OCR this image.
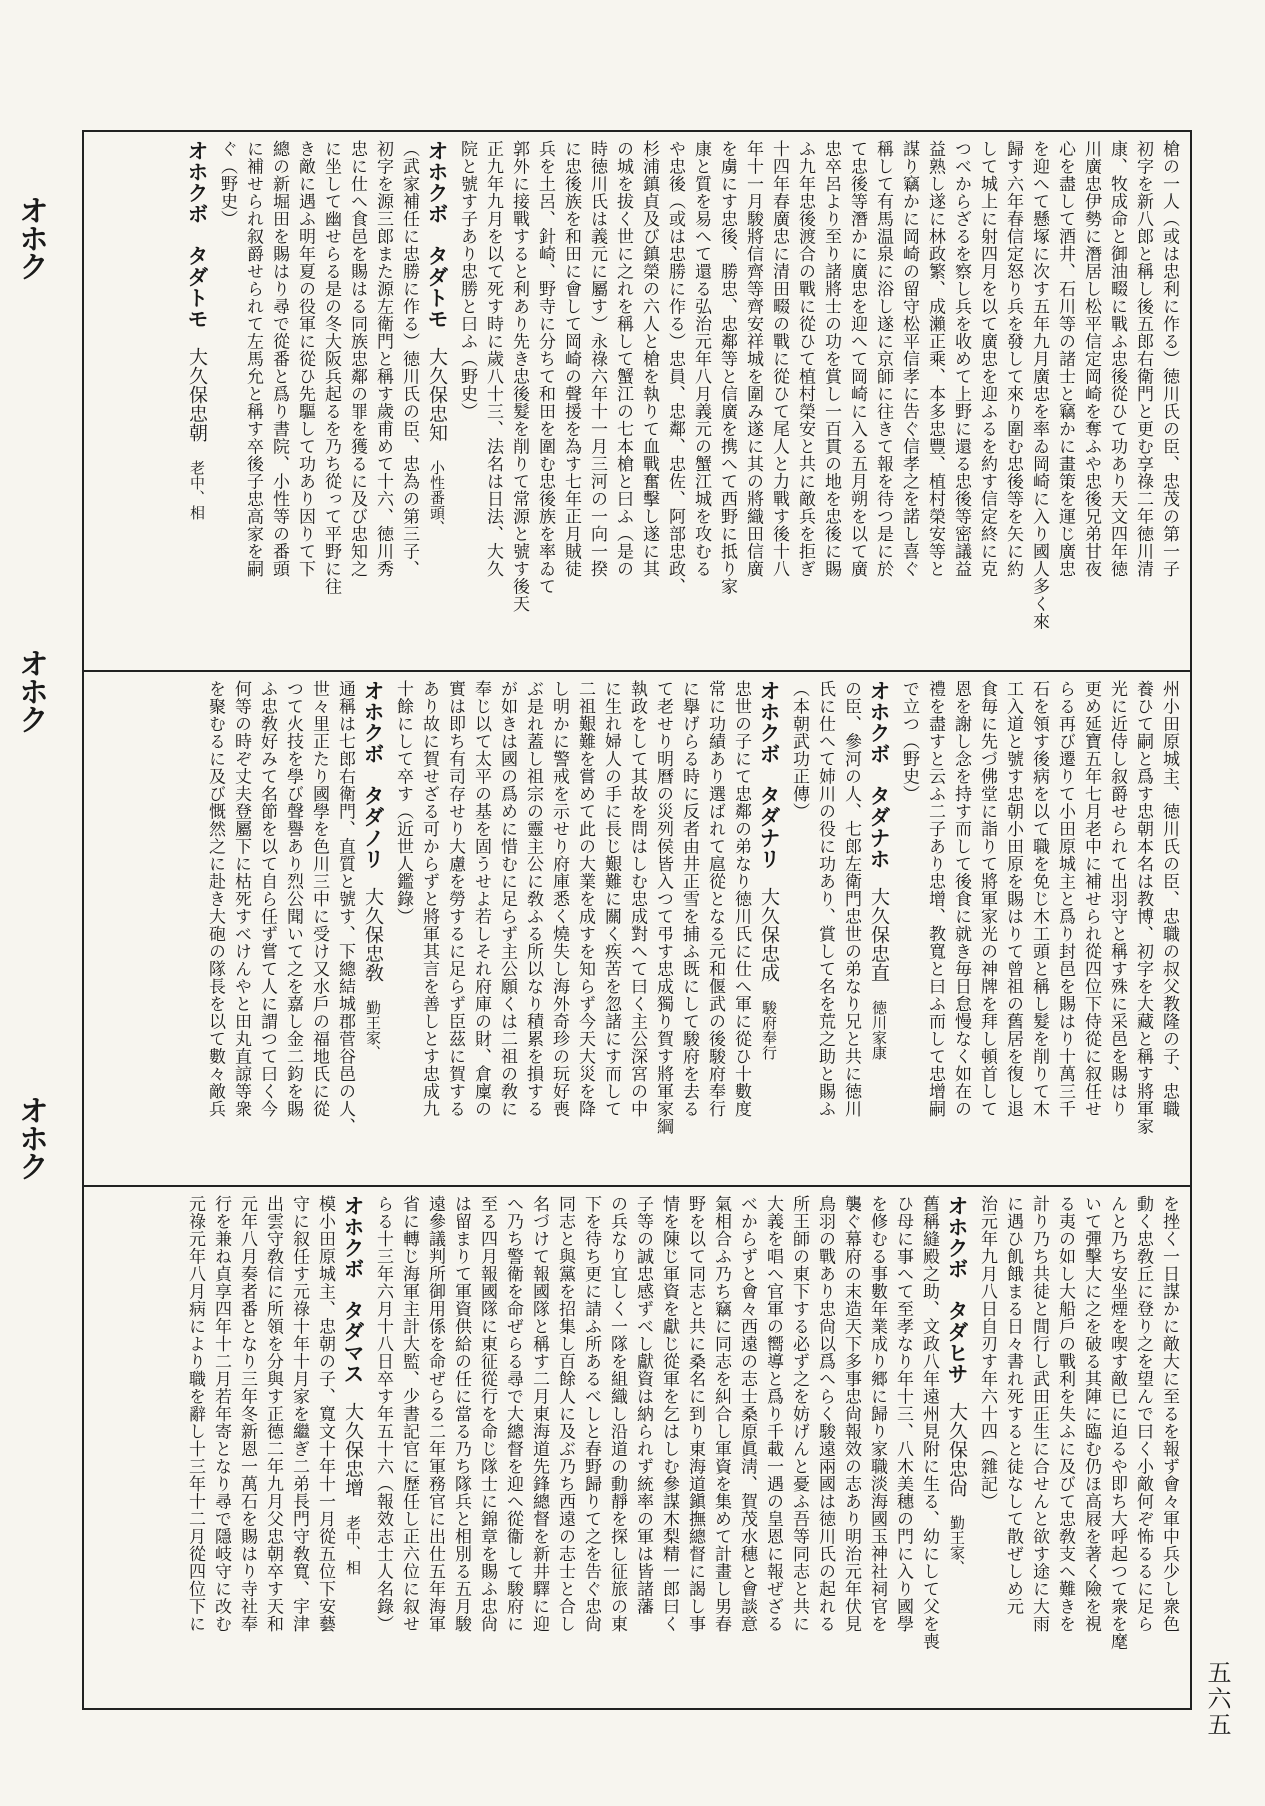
オホク
オホク
オホク
槍の一人（或は忠利に作る）徳川氏の臣、忠茂の第一子
初字を新八郎と稱し後五郎右衛門と更む享祿二年徳川清
康、牧成命と御油畷に戰ふ忠後從ひて功あり天文四年徳
川廣忠伊勢に潛居し松平信定岡崎を奪ふや忠後兄弟甘夜
心を盡して酒井、石川等の諸士と竊かに畫策を運じ廣忠
を迎へて懸塚に次す五年九月廣忠を率ゐ岡崎に入り國人多く來
歸す六年春信定怒り兵を發して來り圍む忠後等を矢に約
して城上に射四月を以て廣忠を迎ふるを約す信定終に克
つべからざるを察し兵を收めて上野に還る忠後等密議益
益熟し遂に林政繁、成瀨正乘、本多忠豐、植村榮安等と
謀り竊かに岡崎の留守松平信孝に告ぐ信孝之を諾し喜ぐ
稱して有馬温泉に浴し遂に京師に往きて報を待つ是に於
て忠後等潛かに廣忠を迎へて岡崎に入る五月朔を以て廣
忠卒呂より至り諸將士の功を賞し一百貫の地を忠後に賜
ふ九年忠後渡合の戰に從ひて植村榮安と共に敵兵を拒ぎ
十四年春廣忠に清田畷の戰に從ひて尾人と力戰す後十八
年十一月駿將信齊等齊安祥城を圍み遂に其の將織田信廣
を虜にす忠後、勝忠、忠鄰等と信廣を携へて西野に抵り家
康と質を易へて還る弘治元年八月義元の蟹江城を攻むる
や忠後（或は忠勝に作る）忠員、忠鄰、忠佐、阿部忠政、
杉浦鎮貞及び鎮榮の六人と槍を執りて血戰奮擊し遂に其
の城を拔く世に之れを稱して蟹江の七本槍と曰ふ（是の
時徳川氏は義元に屬す）永祿六年十一月三河の一向一揆
に忠後族を和田に會して岡崎の聲援を為す七年正月賊徒
兵を土呂、針崎、野寺に分ちて和田を圍む忠後族を率ゐて
郭外に接戰すると利あり先き忠後髮を削りて常源と號す後天
正九年九月を以て死す時に歲八十三、法名は日法、大久
院と號す子あり忠勝と曰ふ（野史）
オホクボ　タダトモ大久保忠知小性番頭、
（武家補任に忠勝に作る）徳川氏の臣、忠為の第三子、
初字を源三郎また源左衛門と稱す歲甫めて十六、徳川秀
忠に仕へ食邑を賜はる同族忠鄰の罪を獲るに及び忠知之
に坐して幽せらる是の冬大阪兵起るを乃ち從って平野に往
き敵に遇ふ明年夏の役軍に從ひ先驅して功あり因りて下
總の新堀田を賜はり尋で從番と爲り書院、小性等の番頭
に補せられ叙爵せられて左馬允と稱す卒後子忠高家を嗣
ぐ（野史）
オホクボ　タダトモ大久保忠朝老中、相
州小田原城主、徳川氏の臣、忠職の叔父教隆の子、忠職
養ひて嗣と爲す忠朝本名は教博、初字を大藏と稱す將軍家
光に近侍し叙爵せられて出羽守と稱す殊に采邑を賜はり
更め延寶五年七月老中に補せられ從四位下侍從に叙任せ
らる再び遷りて小田原城主と爲り封邑を賜はり十萬三千
石を領す後病を以て職を免じ木工頭と稱し髮を削りて木
工入道と號す忠朝小田原を賜はりて曾祖の舊居を復し退
食毎に先づ佛堂に詣りて將軍家光の神牌を拜し頓首して
恩を謝し念を持す而して後食に就き毎日怠慢なく如在の
禮を盡すと云ふ二子あり忠增、教寬と曰ふ而して忠增嗣
で立つ（野史）
オホクボ　タダナホ大久保忠直徳川家康
の臣、參河の人、七郎左衛門忠世の弟なり兄と共に徳川
氏に仕へて姉川の役に功あり、賞して名を荒之助と賜ふ
（本朝武功正傳）
オホクボ　タダナリ大久保忠成駿府奉行
忠世の子にて忠鄰の弟なり徳川氏に仕へ軍に從ひ十數度
常に功績あり選ばれて扈從となる元和偃武の後駿府奉行
に擧げらる時に反者由井正雪を捕ふ既にして駿府を去る
て老せり明曆の災列侯皆入つて弔す忠成獨り賀す將軍家綱
執政をして其故を問はしむ忠成對へて曰く主公深宮の中
に生れ婦人の手に長じ艱難に關く疾苦を忽諸にす而して
二祖艱難を嘗めて此の大業を成すを知らず今天大災を降
し明かに警戒を示せり府庫悉く燒失し海外奇珍の玩好喪
ぶ是れ蓋し祖宗の靈主公に敎ふる所以なり積累を損する
が如きは國の爲めに惜むに足らず主公願くは二祖の敎に
奉じ以て太平の基を固うせよ若しそれ府庫の財、倉廩の
實は即ち有司存せり大慮を勞するに足らず臣茲に賀する
あり故に賀せざる可からずと將軍其言を善しとす忠成九
十餘にして卒す（近世人鑑錄）
オホクボ　タダノリ大久保忠敎勤王家、
通稱は七郎右衛門、直質と號す、下總結城郡菅谷邑の人、
世々里正たり國學を色川三中に受け又水戶の福地氏に從
つて火技を學び聲譽あり烈公聞いて之を嘉し金二鈞を賜
ふ忠敎好みて名節を以て自ら任ず嘗て人に謂つて曰く今
何等の時ぞ丈夫登屬下に枯死すべけんやと田丸直諒等衆
を聚むるに及び慨然之に赴き大砲の隊長を以て數々敵兵
を挫く一日謀かに敵大に至るを報ず會々軍中兵少し衆色
動く忠敎丘に登り之を望んで曰く小敵何ぞ怖るるに足ら
んと乃ち安坐煙を喫す敵已に迫るや即ち大呼起つて衆を麾
いて彈擊大に之を破る其陣に臨む仍ほ高屐を著く險を視
る夷の如し大船戶の戰利を失ふに及びて忠敎支へ難きを
計り乃ち共徒と間行し武田正生に合せんと欲す途に大雨
に遇ひ飢餓まる日々書れ死すると徒なして散ぜしめ元
治元年九月八日自刃す年六十四（雜記）
オホクボ　タダヒサ大久保忠尙勤王家、
舊稱縫殿之助、文政八年遠州見附に生る、幼にして父を喪
ひ母に事へて至孝なり年十三、八木美穗の門に入り國學
を修むる事數年業成り郷に歸り家職淡海國玉神社祠官を
襲ぐ幕府の末造天下多事忠尙報效の志あり明治元年伏見
鳥羽の戰あり忠尙以爲へらく駿遠兩國は徳川氏の起れる
所王師の東下する必ず之を妨げんと憂ふ吾等同志と共に
大義を唱へ官軍の嚮導と爲り千載一遇の皇恩に報ぜざる
べからずと會々西遠の志士桑原眞淸、賀茂水穗と會談意
氣相合ふ乃ち竊に同志を糾合し軍資を集めて計畫し男春
野を以て同志と共に桑名に到り東海道鎭撫總督に謁し事
情を陳じ軍資を獻じ從軍を乞はしむ參謀木梨精一郎曰く
子等の誠忠感ずべし獻資は納られず統率の軍は皆諸藩
の兵なり宜しく一隊を組織し沿道の動靜を探し征旅の東
下を待ち更に請ふ所あるべしと春野歸りて之を告ぐ忠尙
同志と與黨を招集し百餘人に及ぶ乃ち西遠の志士と合し
名づけて報國隊と稱す二月東海道先鋒總督を新井驛に迎
へ乃ち警衛を命ぜらる尋で大總督を迎へ從衞して駿府に
至る四月報國隊に東征從行を命じ隊士に錦章を賜ふ忠尙
は留まりて軍資供給の任に當る乃ち隊兵と相別る五月駿
遠參議判所御用係を命ぜらる二年軍務官に出仕五年海軍
省に轉じ海軍主計大監、少書記官に歷任し正六位に叙せ
らる十三年六月十八日卒す年五十六（報效志士人名錄）
オホクボ　タダマス大久保忠增老中、相
模小田原城主、忠朝の子、寬文十年十一月從五位下安藝
守に叙任す元祿十年十月家を繼ぎ二弟長門守敎寬、宇津
出雲守敎信に所領を分與す正德二年九月父忠朝卒す天和
元年八月奏者番となり三年冬新恩一萬石を賜はり寺社奉
行を兼ね貞享四年十二月若年寄となり尋で隱岐守に改む
元祿元年八月病により職を辭し十三年十二月從四位下に
五六五
